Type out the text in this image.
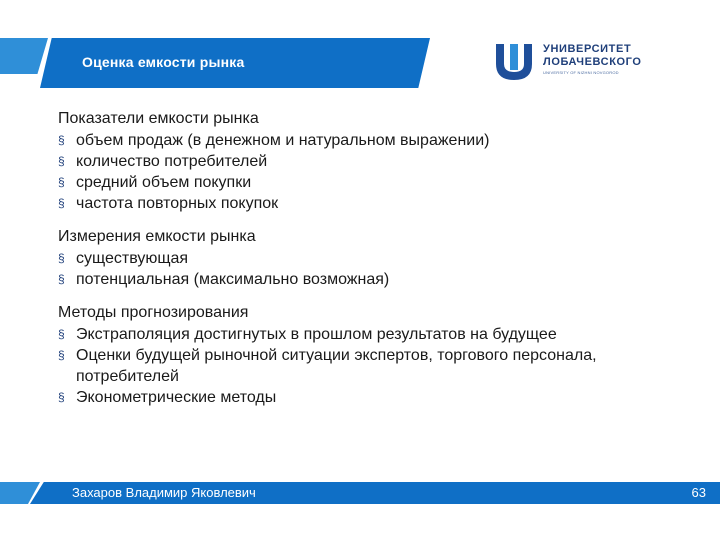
Оценка емкости рынка
УНИВЕРСИТЕТ
ЛОБАЧЕВСКОГО
UNIVERSITY OF NIZHNI NOVGOROD
Показатели емкости рынка
§ объем продаж (в денежном и натуральном выражении)
§ количество потребителей
§ средний объем покупки
§ частота повторных покупок
Измерения емкости рынка
§ существующая
§ потенциальная (максимально возможная)
Методы прогнозирования
§ Экстраполяция достигнутых в прошлом результатов на будущее
§ Оценки будущей рыночной ситуации экспертов, торгового персонала, потребителей
§ Эконометрические методы
Захаров Владимир Яковлевич	63
